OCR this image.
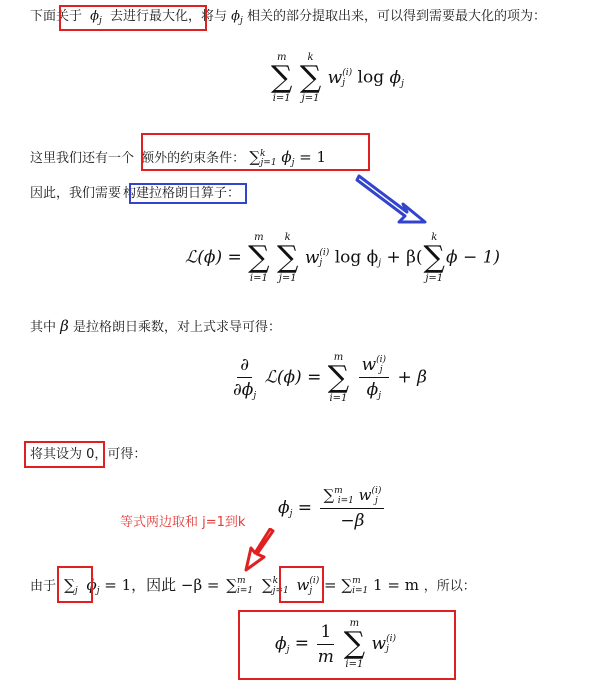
下面关于 $\phi_j$ 去进行最大化，将与 $\phi_j$ 相关的部分提取出来，可以得到需要最大化的项为：
m
∑
i=1

k
∑
j=1
w (i)
j $\log \phi_j$
这里我们还有一个 额外的约束条件： ∑$^k_{j=1}$ $\phi_j = 1$
因此，我们需要 构建拉格朗日算子：
ℒ(ϕ) =
m
∑
i=1

k
∑
j=1
w (i)
j $\log \phi_j + \beta$(
k
∑
j=1
ϕ − 1)
其中 β 是拉格朗日乘数，对上式求导可得：
$\frac{\partial}{\partial\phi_j}$ ℒ(ϕ) =
m
∑
i=1
w (i)
j
$\phi_j + \beta$
将其设为 0，可得：
等式两边取和 j=1到k
$\phi_j = \sum^m_{i=1}$ w (i)
j
−β
由于 $\sum_j$ $\phi_j = 1$，因此 −β = ∑ m
i=1 ∑ k
j=1 w (i)
j = ∑ m
i=1 1 = m ，所以：
$\phi_j = \frac{1}{m}$
m
∑
i=1
w (i)
j
